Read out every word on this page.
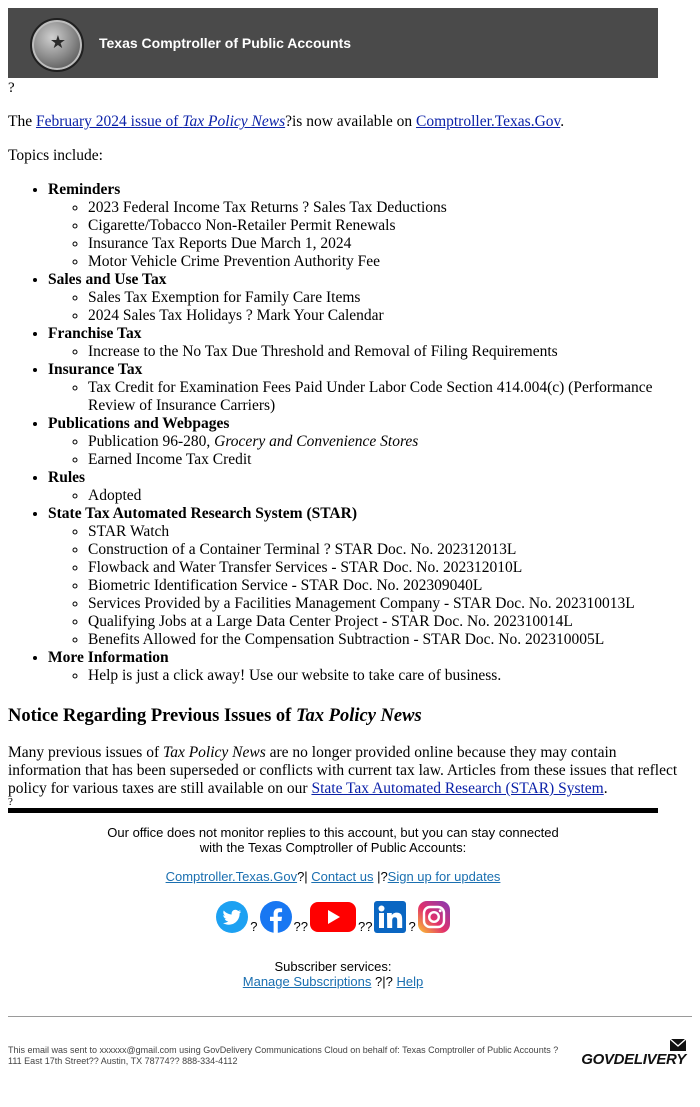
★ Texas Comptroller of Public Accounts
?

The February 2024 issue of Tax Policy News?is now available on Comptroller.Texas.Gov.

Topics include:

• Reminders
◦ 2023 Federal Income Tax Returns ? Sales Tax Deductions
◦ Cigarette/Tobacco Non-Retailer Permit Renewals
◦ Insurance Tax Reports Due March 1, 2024
◦ Motor Vehicle Crime Prevention Authority Fee
• Sales and Use Tax
◦ Sales Tax Exemption for Family Care Items
◦ 2024 Sales Tax Holidays ? Mark Your Calendar
• Franchise Tax
◦ Increase to the No Tax Due Threshold and Removal of Filing Requirements
• Insurance Tax
◦ Tax Credit for Examination Fees Paid Under Labor Code Section 414.004(c) (Performance Review of Insurance Carriers)
• Publications and Webpages
◦ Publication 96-280, Grocery and Convenience Stores
◦ Earned Income Tax Credit
• Rules
◦ Adopted
• State Tax Automated Research System (STAR)
◦ STAR Watch
◦ Construction of a Container Terminal ? STAR Doc. No. 202312013L
◦ Flowback and Water Transfer Services - STAR Doc. No. 202312010L
◦ Biometric Identification Service - STAR Doc. No. 202309040L
◦ Services Provided by a Facilities Management Company - STAR Doc. No. 202310013L
◦ Qualifying Jobs at a Large Data Center Project - STAR Doc. No. 202310014L
◦ Benefits Allowed for the Compensation Subtraction - STAR Doc. No. 202310005L
• More Information
◦ Help is just a click away! Use our website to take care of business.
Notice Regarding Previous Issues of Tax Policy News

Many previous issues of Tax Policy News are no longer provided online because they may contain information that has been superseded or conflicts with current tax law. Articles from these issues that reflect policy for various taxes are still available on our State Tax Automated Research (STAR) System.

?
Our office does not monitor replies to this account, but you can stay connected
with the Texas Comptroller of Public Accounts:
Comptroller.Texas.Gov?| Contact us |?Sign up for updates
?	??	??	?
Subscriber services:
Manage Subscriptions ?|? Help
This email was sent to xxxxxx@gmail.com using GovDelivery Communications Cloud on behalf of: Texas Comptroller of Public Accounts ? 111 East 17th Street?? Austin, TX 78774?? 888-334-4112	GOVDELIVERY
